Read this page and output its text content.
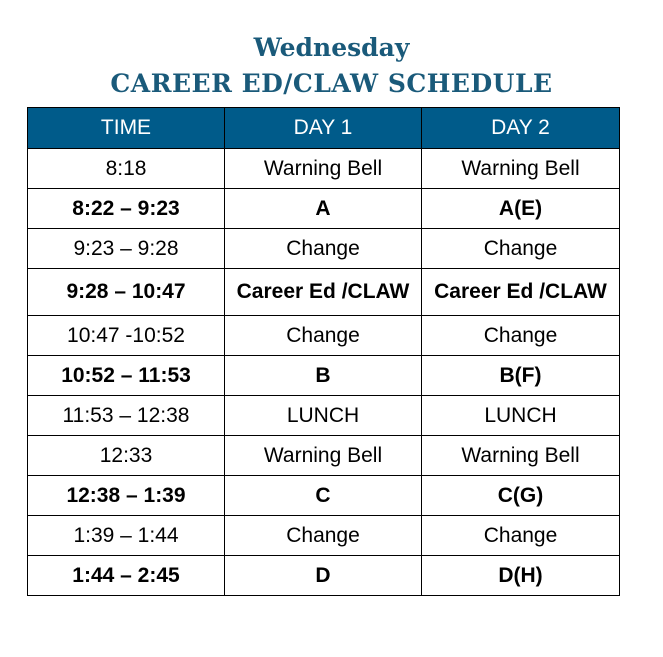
Wednesday
CAREER ED/CLAW SCHEDULE
TIME	DAY 1	DAY 2
8:18	Warning Bell	Warning Bell
8:22 – 9:23	A	A(E)
9:23 – 9:28	Change	Change
9:28 – 10:47	Career Ed /CLAW	Career Ed /CLAW
10:47 -10:52	Change	Change
10:52 – 11:53	B	B(F)
11:53 – 12:38	LUNCH	LUNCH
12:33	Warning Bell	Warning Bell
12:38 – 1:39	C	C(G)
1:39 – 1:44	Change	Change
1:44 – 2:45	D	D(H)
